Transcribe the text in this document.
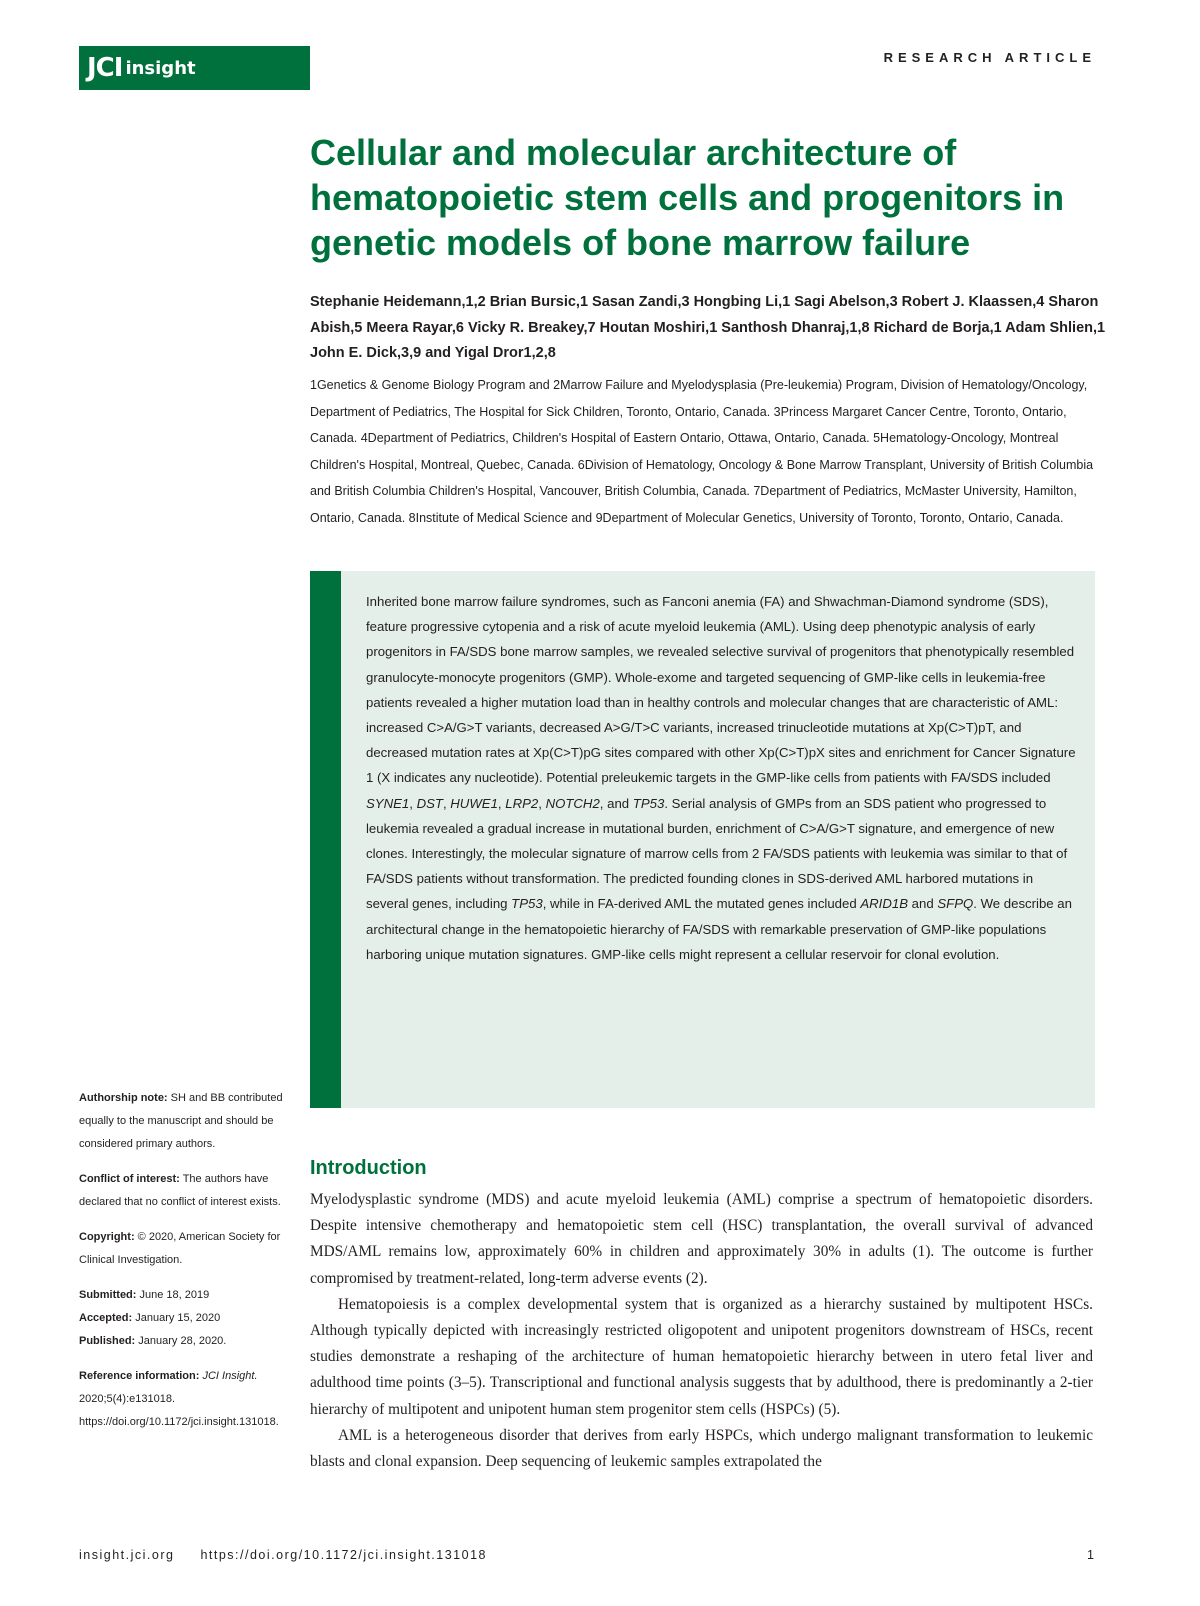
JCI insight	RESEARCH ARTICLE
Cellular and molecular architecture of hematopoietic stem cells and progenitors in genetic models of bone marrow failure

Stephanie Heidemann,1,2 Brian Bursic,1 Sasan Zandi,3 Hongbing Li,1 Sagi Abelson,3 Robert J. Klaassen,4 Sharon Abish,5 Meera Rayar,6 Vicky R. Breakey,7 Houtan Moshiri,1 Santhosh Dhanraj,1,8 Richard de Borja,1 Adam Shlien,1 John E. Dick,3,9 and Yigal Dror1,2,8

1Genetics & Genome Biology Program and 2Marrow Failure and Myelodysplasia (Pre-leukemia) Program, Division of Hematology/Oncology, Department of Pediatrics, The Hospital for Sick Children, Toronto, Ontario, Canada. 3Princess Margaret Cancer Centre, Toronto, Ontario, Canada. 4Department of Pediatrics, Children's Hospital of Eastern Ontario, Ottawa, Ontario, Canada. 5Hematology-Oncology, Montreal Children's Hospital, Montreal, Quebec, Canada. 6Division of Hematology, Oncology & Bone Marrow Transplant, University of British Columbia and British Columbia Children's Hospital, Vancouver, British Columbia, Canada. 7Department of Pediatrics, McMaster University, Hamilton, Ontario, Canada. 8Institute of Medical Science and 9Department of Molecular Genetics, University of Toronto, Toronto, Ontario, Canada.

Inherited bone marrow failure syndromes, such as Fanconi anemia (FA) and Shwachman-Diamond syndrome (SDS), feature progressive cytopenia and a risk of acute myeloid leukemia (AML). Using deep phenotypic analysis of early progenitors in FA/SDS bone marrow samples, we revealed selective survival of progenitors that phenotypically resembled granulocyte-monocyte progenitors (GMP). Whole-exome and targeted sequencing of GMP-like cells in leukemia-free patients revealed a higher mutation load than in healthy controls and molecular changes that are characteristic of AML: increased C>A/G>T variants, decreased A>G/T>C variants, increased trinucleotide mutations at Xp(C>T)pT, and decreased mutation rates at Xp(C>T)pG sites compared with other Xp(C>T)pX sites and enrichment for Cancer Signature 1 (X indicates any nucleotide). Potential preleukemic targets in the GMP-like cells from patients with FA/SDS included SYNE1, DST, HUWE1, LRP2, NOTCH2, and TP53. Serial analysis of GMPs from an SDS patient who progressed to leukemia revealed a gradual increase in mutational burden, enrichment of C>A/G>T signature, and emergence of new clones. Interestingly, the molecular signature of marrow cells from 2 FA/SDS patients with leukemia was similar to that of FA/SDS patients without transformation. The predicted founding clones in SDS-derived AML harbored mutations in several genes, including TP53, while in FA-derived AML the mutated genes included ARID1B and SFPQ. We describe an architectural change in the hematopoietic hierarchy of FA/SDS with remarkable preservation of GMP-like populations harboring unique mutation signatures. GMP-like cells might represent a cellular reservoir for clonal evolution.

Authorship note: SH and BB contributed equally to the manuscript and should be considered primary authors.
Conflict of interest: The authors have declared that no conflict of interest exists.
Copyright: © 2020, American Society for Clinical Investigation.
Submitted: June 18, 2019
Accepted: January 15, 2020
Published: January 28, 2020.
Reference information: JCI Insight. 2020;5(4):e131018. https://doi.org/10.1172/jci.insight.131018.
Introduction

Myelodysplastic syndrome (MDS) and acute myeloid leukemia (AML) comprise a spectrum of hematopoietic disorders. Despite intensive chemotherapy and hematopoietic stem cell (HSC) transplantation, the overall survival of advanced MDS/AML remains low, approximately 60% in children and approximately 30% in adults (1). The outcome is further compromised by treatment-related, long-term adverse events (2).

Hematopoiesis is a complex developmental system that is organized as a hierarchy sustained by multipotent HSCs. Although typically depicted with increasingly restricted oligopotent and unipotent progenitors downstream of HSCs, recent studies demonstrate a reshaping of the architecture of human hematopoietic hierarchy between in utero fetal liver and adulthood time points (3–5). Transcriptional and functional analysis suggests that by adulthood, there is predominantly a 2-tier hierarchy of multipotent and unipotent human stem progenitor stem cells (HSPCs) (5).

AML is a heterogeneous disorder that derives from early HSPCs, which undergo malignant transformation to leukemic blasts and clonal expansion. Deep sequencing of leukemic samples extrapolated the

insight.jci.org https://doi.org/10.1172/jci.insight.131018	1
